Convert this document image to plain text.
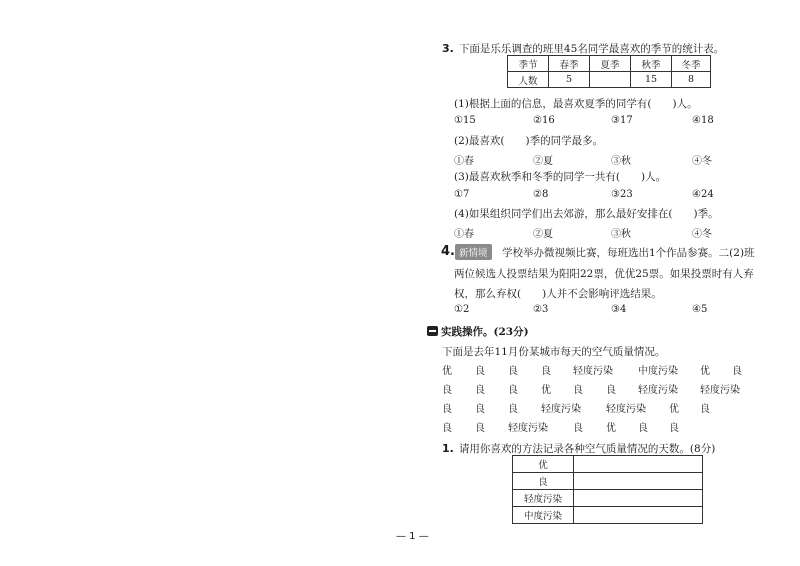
3. 下面是乐乐调查的班里45名同学最喜欢的季节的统计表。
季节	春季	夏季	秋季	冬季
人数	5		15	8
(1)根据上面的信息，最喜欢夏季的同学有(　　)人。
①15	②16	③17	④18
(2)最喜欢(　　)季的同学最多。
①春	②夏	③秋	④冬
(3)最喜欢秋季和冬季的同学一共有(　　)人。
①7	②8	③23	④24
(4)如果组织同学们出去郊游，那么最好安排在(　　)季。
①春	②夏	③秋	④冬
4. 新情境	学校举办微视频比赛，每班选出1个作品参赛。二(2)班
两位候选人投票结果为阳阳22票，优优25票。如果投票时有人弃
权，那么弃权(　　)人并不会影响评选结果。
①2	②3	③4	④5
实践操作。(23分)
下面是去年11月份某城市每天的空气质量情况。
优 良 良 良 轻度污染	中度污染 优 良
良 良 良 优 良 良 轻度污染 轻度污染
良 良 良 轻度污染	轻度污染 优 良
良 良 轻度污染	良 优 良 良
1. 请用你喜欢的方法记录各种空气质量情况的天数。(8分)
优	
良	
轻度污染	
中度污染	
— 1 —
